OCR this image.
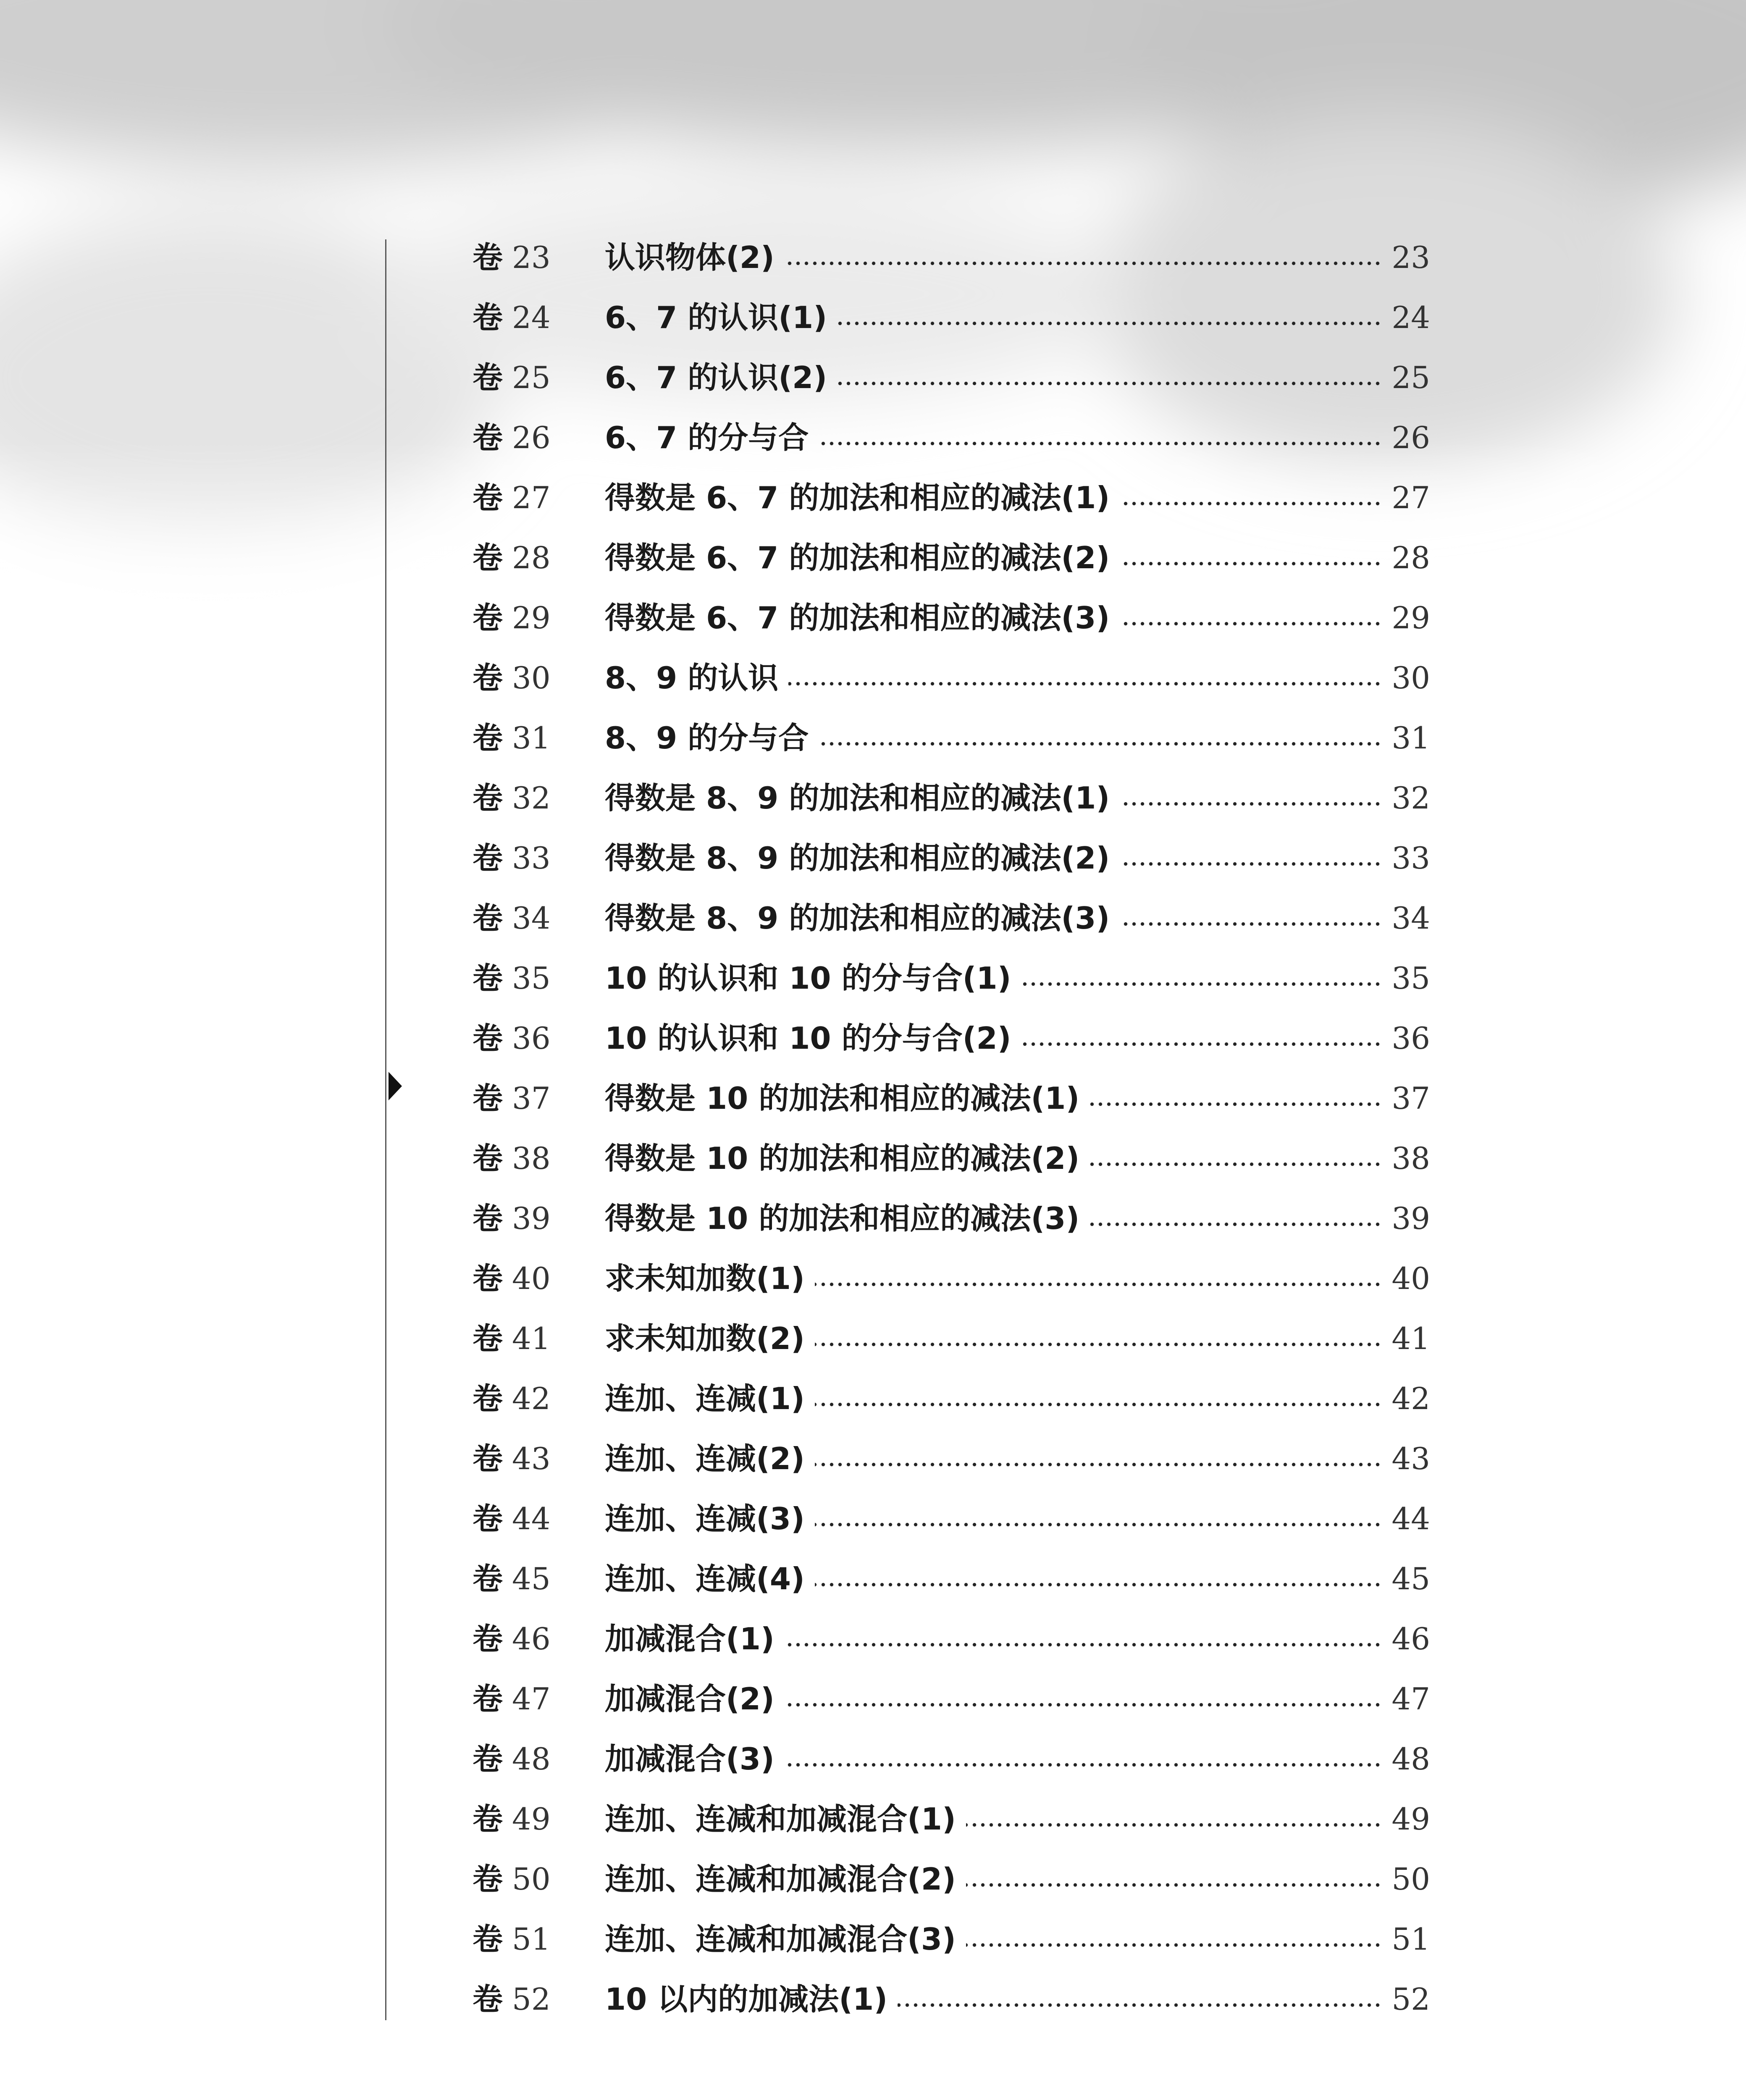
卷 23 认识物体(2)	23
卷 24 6、7 的认识(1)	24
卷 25 6、7 的认识(2)	25
卷 26 6、7 的分与合	26
卷 27 得数是 6、7 的加法和相应的减法(1)	27
卷 28 得数是 6、7 的加法和相应的减法(2)	28
卷 29 得数是 6、7 的加法和相应的减法(3)	29
卷 30 8、9 的认识	30
卷 31 8、9 的分与合	31
卷 32 得数是 8、9 的加法和相应的减法(1)	32
卷 33 得数是 8、9 的加法和相应的减法(2)	33
卷 34 得数是 8、9 的加法和相应的减法(3)	34
卷 35 10 的认识和 10 的分与合(1)	35
卷 36 10 的认识和 10 的分与合(2)	36
卷 37 得数是 10 的加法和相应的减法(1)	37
卷 38 得数是 10 的加法和相应的减法(2)	38
卷 39 得数是 10 的加法和相应的减法(3)	39
卷 40 求未知加数(1)	40
卷 41 求未知加数(2)	41
卷 42 连加、连减(1)	42
卷 43 连加、连减(2)	43
卷 44 连加、连减(3)	44
卷 45 连加、连减(4)	45
卷 46 加减混合(1)	46
卷 47 加减混合(2)	47
卷 48 加减混合(3)	48
卷 49 连加、连减和加减混合(1)	49
卷 50 连加、连减和加减混合(2)	50
卷 51 连加、连减和加减混合(3)	51
卷 52 10 以内的加减法(1)	52
